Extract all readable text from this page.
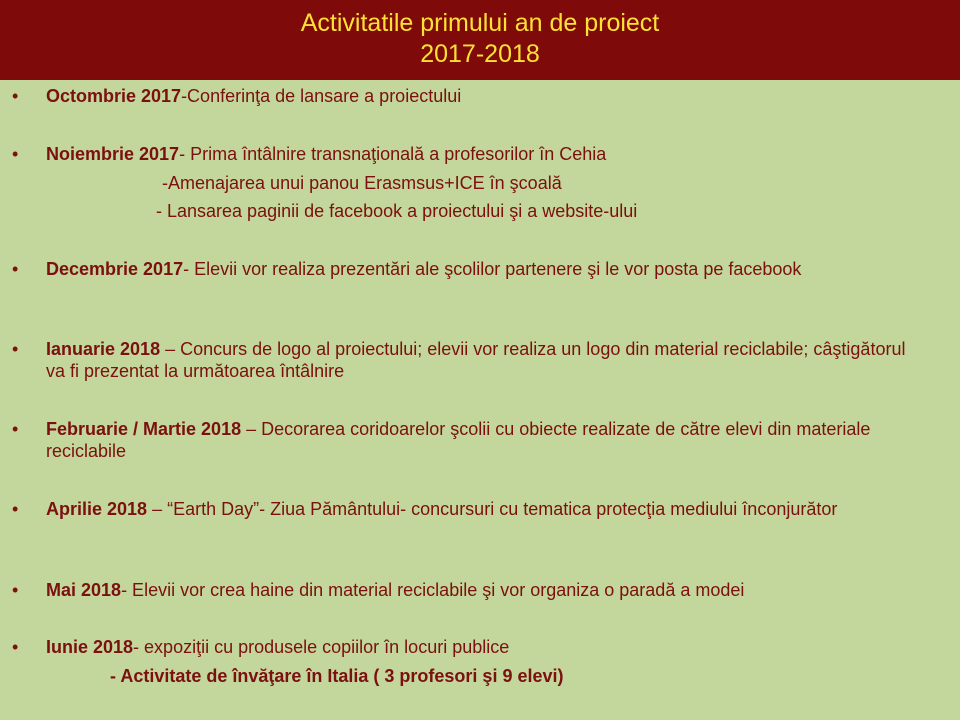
Activitatile primului an de proiect
2017-2018
• Octombrie 2017-Conferinţa de lansare a proiectului
• Noiembrie 2017- Prima întâlnire transnaţională a profesorilor în Cehia
-Amenajarea unui panou Erasmsus+ICE în şcoală
- Lansarea paginii de facebook a proiectului şi a website-ului
• Decembrie 2017- Elevii vor realiza prezentări ale şcolilor partenere şi le vor posta pe facebook
• Ianuarie 2018 – Concurs de logo al proiectului; elevii vor realiza un logo din material reciclabile; câştigătorul va fi prezentat la următoarea întâlnire
• Februarie / Martie 2018 – Decorarea coridoarelor şcolii cu obiecte realizate de către elevi din materiale reciclabile
• Aprilie 2018 – “Earth Day”- Ziua Pământului- concursuri cu tematica protecţia mediului înconjurător
• Mai 2018- Elevii vor crea haine din material reciclabile şi vor organiza o paradă a modei
• Iunie 2018- expoziţii cu produsele copiilor în locuri publice
- Activitate de învăţare în Italia ( 3 profesori şi 9 elevi)
